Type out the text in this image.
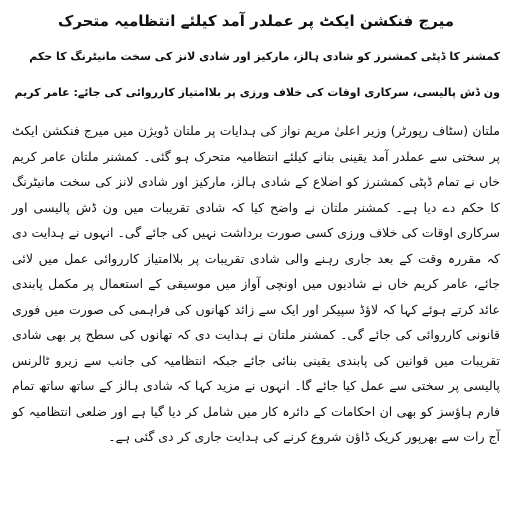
میرج فنکشن ایکٹ پر عملدر آمد کیلئے انتظامیہ متحرک
کمشنر کا ڈپٹی کمشنرز کو شادی ہالز، مارکیز اور شادی لانز کی سخت مانیٹرنگ کا حکم
ون ڈش پالیسی، سرکاری اوقات کی خلاف ورزی پر بلاامتیاز کارروائی کی جائے: عامر کریم

ملتان (سٹاف رپورٹر) وزیر اعلیٰ مریم نواز کی ہدایات پر ملتان ڈویژن میں میرج فنکشن ایکٹ پر سختی سے عملدر آمد یقینی بنانے کیلئے انتظامیہ متحرک ہو گئی۔ کمشنر ملتان عامر کریم خاں نے تمام ڈپٹی کمشنرز کو اضلاع کے شادی ہالز، مارکیز اور شادی لانز کی سخت مانیٹرنگ کا حکم دے دیا ہے۔ کمشنر ملتان نے واضح کیا کہ شادی تقریبات میں ون ڈش پالیسی اور سرکاری اوقات کی خلاف ورزی کسی صورت برداشت نہیں کی جائے گی۔ انہوں نے ہدایت دی کہ مقررہ وقت کے بعد جاری رہنے والی شادی تقریبات پر بلاامتیاز کارروائی عمل میں لائی جائے، عامر کریم خاں نے شادیوں میں اونچی آواز میں موسیقی کے استعمال پر مکمل پابندی عائد کرتے ہوئے کہا کہ لاؤڈ سپیکر اور ایک سے زائد کھانوں کی فراہمی کی صورت میں فوری قانونی کارروائی کی جائے گی۔ کمشنر ملتان نے ہدایت دی کہ تھانوں کی سطح پر بھی شادی تقریبات میں قوانین کی پابندی یقینی بنائی جائے جبکہ انتظامیہ کی جانب سے زیرو ٹالرنس پالیسی پر سختی سے عمل کیا جائے گا۔ انہوں نے مزید کہا کہ شادی ہالز کے ساتھ ساتھ تمام فارم ہاؤسز کو بھی ان احکامات کے دائرہ کار میں شامل کر دیا گیا ہے اور ضلعی انتظامیہ کو آج رات سے بھرپور کریک ڈاؤن شروع کرنے کی ہدایت جاری کر دی گئی ہے۔
